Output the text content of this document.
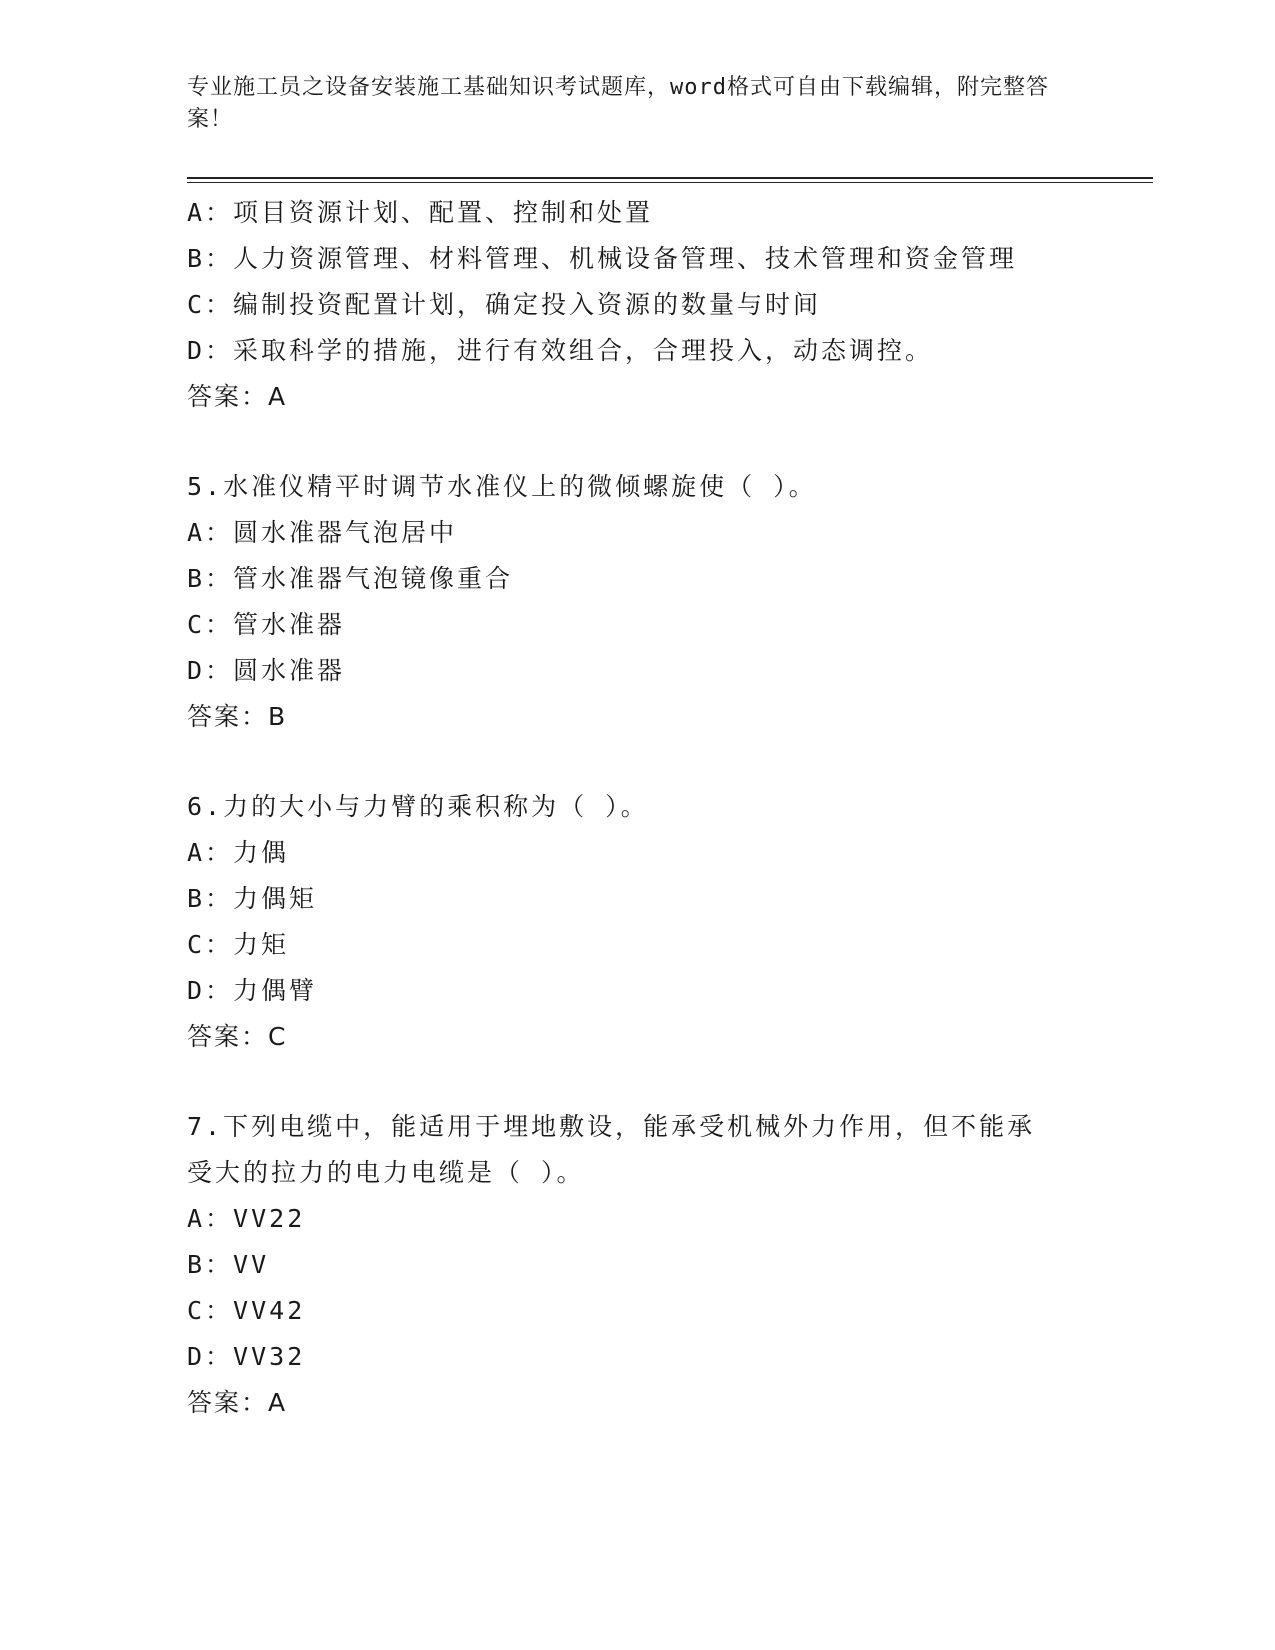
专业施工员之设备安装施工基础知识考试题库，word格式可自由下载编辑，附完整答案！
A：项目资源计划、配置、控制和处置
B：人力资源管理、材料管理、机械设备管理、技术管理和资金管理
C：编制投资配置计划，确定投入资源的数量与时间
D：采取科学的措施，进行有效组合，合理投入，动态调控。
答案：A
5.水准仪精平时调节水准仪上的微倾螺旋使（ ）。
A：圆水准器气泡居中
B：管水准器气泡镜像重合
C：管水准器
D：圆水准器
答案：B
6.力的大小与力臂的乘积称为（ ）。
A：力偶
B：力偶矩
C：力矩
D：力偶臂
答案：C
7.下列电缆中，能适用于埋地敷设，能承受机械外力作用，但不能承
受大的拉力的电力电缆是（ ）。
A：VV22
B：VV
C：VV42
D：VV32
答案：A
